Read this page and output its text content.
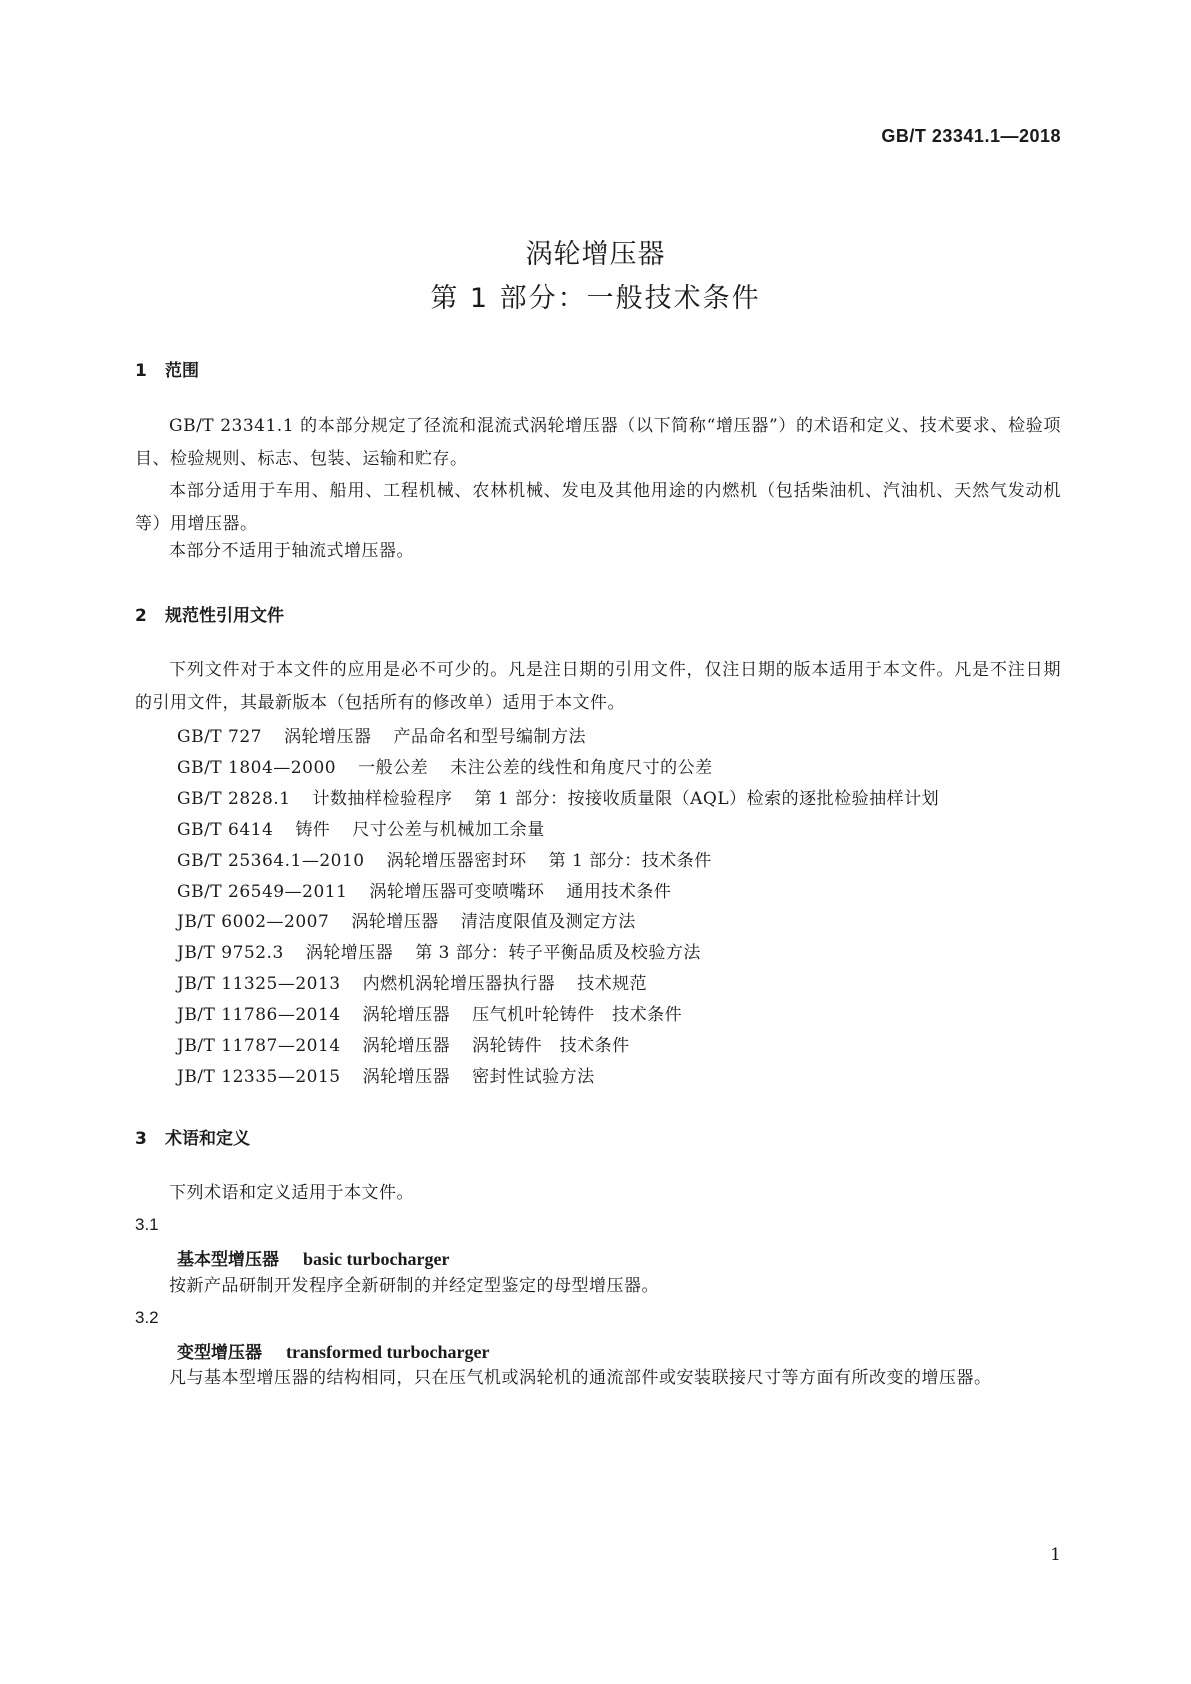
GB/T 23341.1—2018
涡轮增压器
第 1 部分：一般技术条件
1 范围
GB/T 23341.1 的本部分规定了径流和混流式涡轮增压器（以下简称“增压器”）的术语和定义、技术要求、检验项目、检验规则、标志、包装、运输和贮存。
本部分适用于车用、船用、工程机械、农林机械、发电及其他用途的内燃机（包括柴油机、汽油机、天然气发动机等）用增压器。
本部分不适用于轴流式增压器。
2 规范性引用文件
下列文件对于本文件的应用是必不可少的。凡是注日期的引用文件，仅注日期的版本适用于本文件。凡是不注日期的引用文件，其最新版本（包括所有的修改单）适用于本文件。
GB/T 727 涡轮增压器 产品命名和型号编制方法
GB/T 1804—2000 一般公差 未注公差的线性和角度尺寸的公差
GB/T 2828.1 计数抽样检验程序 第 1 部分：按接收质量限（AQL）检索的逐批检验抽样计划
GB/T 6414 铸件 尺寸公差与机械加工余量
GB/T 25364.1—2010 涡轮增压器密封环 第 1 部分：技术条件
GB/T 26549—2011 涡轮增压器可变喷嘴环 通用技术条件
JB/T 6002—2007 涡轮增压器 清洁度限值及测定方法
JB/T 9752.3 涡轮增压器 第 3 部分：转子平衡品质及校验方法
JB/T 11325—2013 内燃机涡轮增压器执行器 技术规范
JB/T 11786—2014 涡轮增压器 压气机叶轮铸件　技术条件
JB/T 11787—2014 涡轮增压器 涡轮铸件　技术条件
JB/T 12335—2015 涡轮增压器 密封性试验方法
3 术语和定义
下列术语和定义适用于本文件。
3.1
基本型增压器 basic turbocharger
按新产品研制开发程序全新研制的并经定型鉴定的母型增压器。
3.2
变型增压器 transformed turbocharger
凡与基本型增压器的结构相同，只在压气机或涡轮机的通流部件或安装联接尺寸等方面有所改变的增压器。
1
